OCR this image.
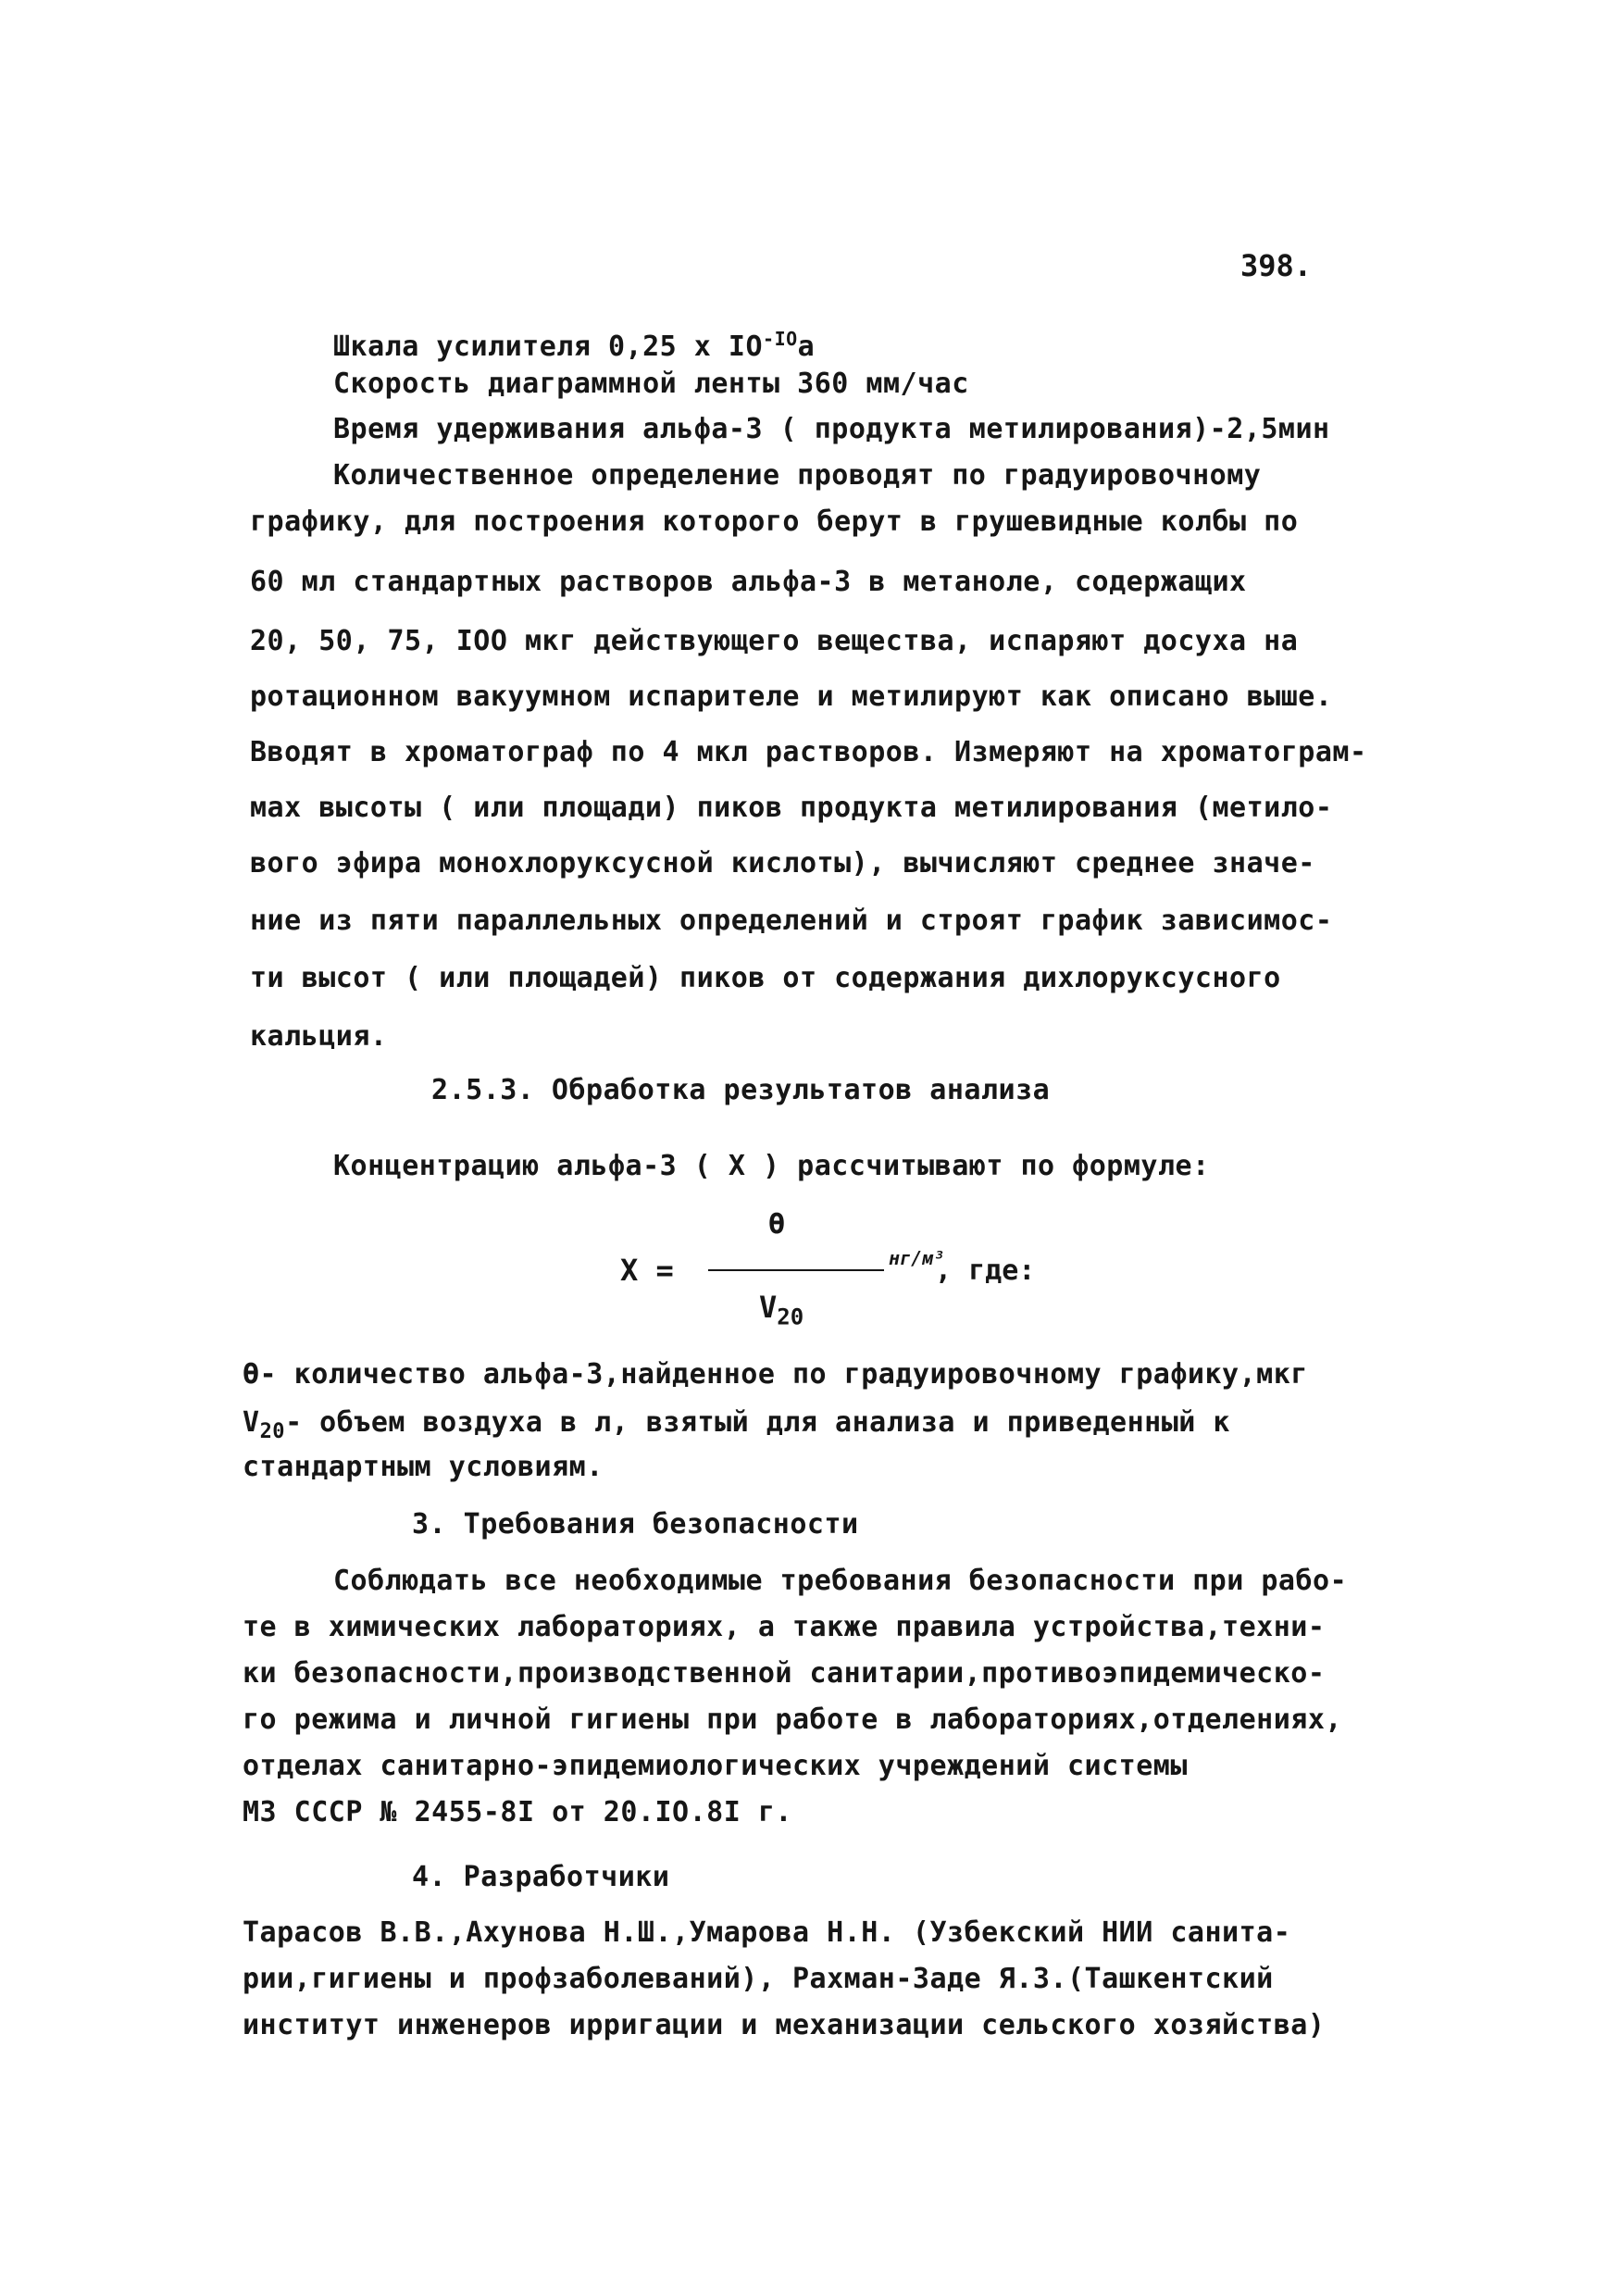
398.
Шкала усилителя 0,25 x $IO^{-IO}а$
Скорость диаграммной ленты 360 мм/час
Время удерживания альфа-3 ( продукта метилирования)-2,5мин
Количественное определение проводят по градуировочному
графику, для построения которого берут в грушевидные колбы по
60 мл стандартных растворов альфа-3 в метаноле, содержащих
20, 50, 75, IOO мкг действующего вещества, испаряют досуха на
ротационном вакуумном испарителе и метилируют как описано выше.
Вводят в хроматограф по 4 мкл растворов. Измеряют на хроматограм-
мах высоты ( или площади) пиков продукта метилирования (метило-
вого эфира монохлоруксусной кислоты), вычисляют среднее значе-
ние из пяти параллельных определений и строят график зависимос-
ти высот ( или площадей) пиков от содержания дихлоруксусного
кальция.
2.5.3. Обработка результатов анализа
Концентрацию альфа-3 ( X ) рассчитывают по формуле:
X =
Ө
$V_{20}$
нг/м³
, где:
Ө- количество альфа-3,найденное по градуировочному графику,мкг
$V_{20}-$ объем воздуха в л, взятый для анализа и приведенный к
стандартным условиям.
3. Требования безопасности
Соблюдать все необходимые требования безопасности при рабо-
те в химических лабораториях, а также правила устройства,техни-
ки безопасности,производственной санитарии,противоэпидемическо-
го режима и личной гигиены при работе в лабораториях,отделениях,
отделах санитарно-эпидемиологических учреждений системы
МЗ СССР № 2455-8I от 20.IO.8I г.
4. Разработчики
Тарасов В.В.,Ахунова Н.Ш.,Умарова Н.Н. (Узбекский НИИ санита-
рии,гигиены и профзаболеваний), Рахман-Заде Я.З.(Ташкентский
институт инженеров ирригации и механизации сельского хозяйства)
